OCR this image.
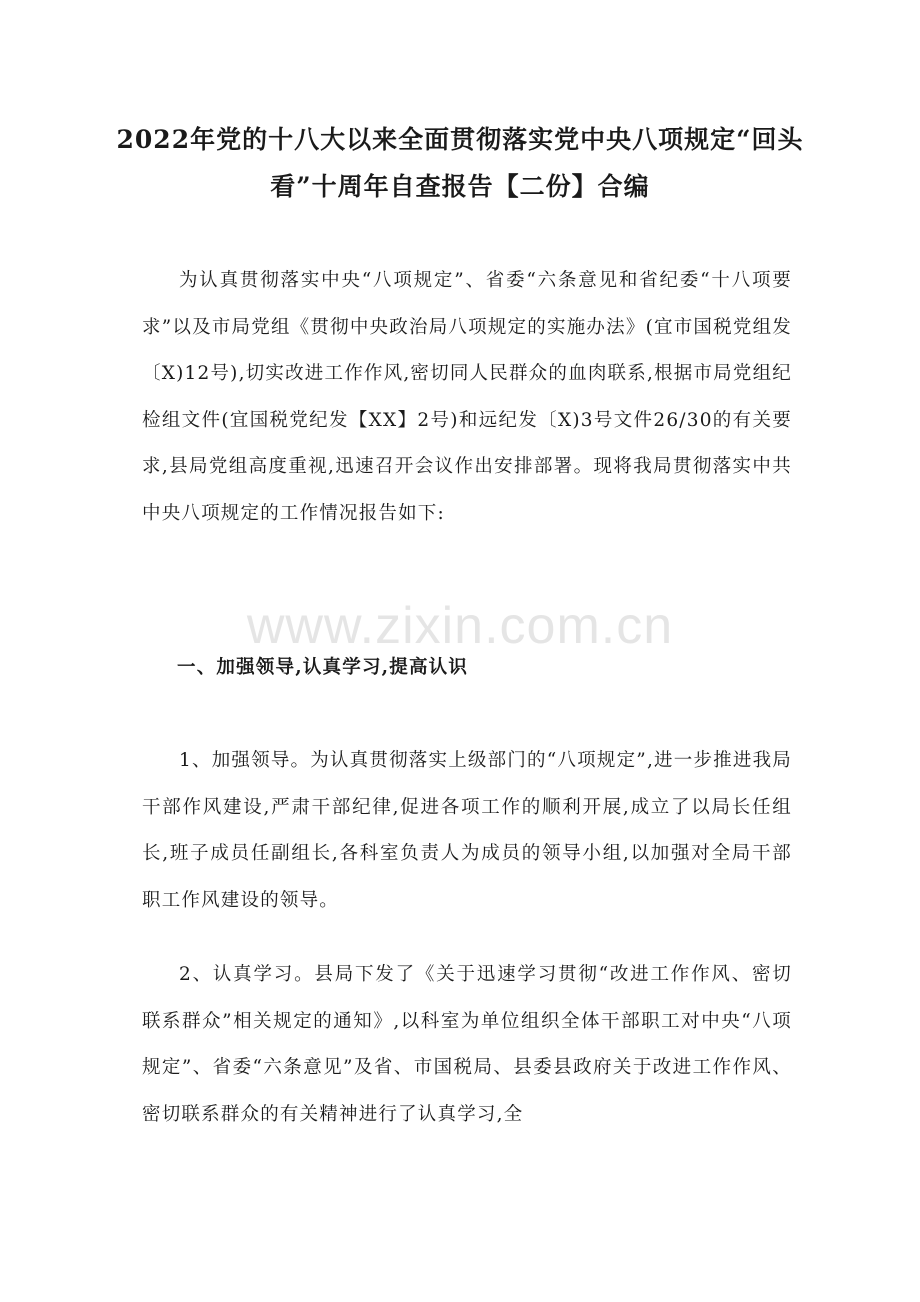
2022年党的十八大以来全面贯彻落实党中央八项规定“回头看”十周年自查报告【二份】合编

为认真贯彻落实中央“八项规定”、省委“六条意见和省纪委“十八项要求”以及市局党组《贯彻中央政治局八项规定的实施办法》(宜市国税党组发〔X)12号),切实改进工作作风,密切同人民群众的血肉联系,根据市局党组纪检组文件(宜国税党纪发【XX】2号)和远纪发〔X)3号文件26/30的有关要求,县局党组高度重视,迅速召开会议作出安排部署。现将我局贯彻落实中共中央八项规定的工作情况报告如下:

www.zixin.com.cn

一、加强领导,认真学习,提高认识

1、加强领导。为认真贯彻落实上级部门的“八项规定”,进一步推进我局干部作风建设,严肃干部纪律,促进各项工作的顺利开展,成立了以局长任组长,班子成员任副组长,各科室负责人为成员的领导小组,以加强对全局干部职工作风建设的领导。

2、认真学习。县局下发了《关于迅速学习贯彻“改进工作作风、密切联系群众”相关规定的通知》,以科室为单位组织全体干部职工对中央“八项规定”、省委“六条意见”及省、市国税局、县委县政府关于改进工作作风、密切联系群众的有关精神进行了认真学习,全
